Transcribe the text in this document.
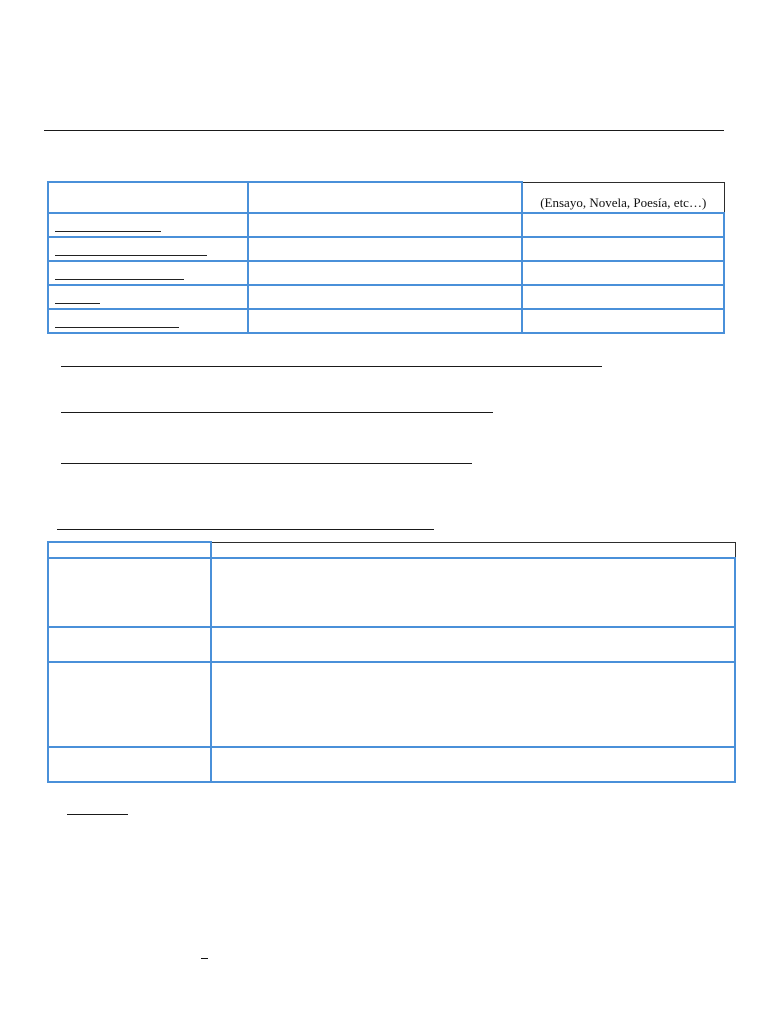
		(Ensayo, Novela, Poesía, etc…)
